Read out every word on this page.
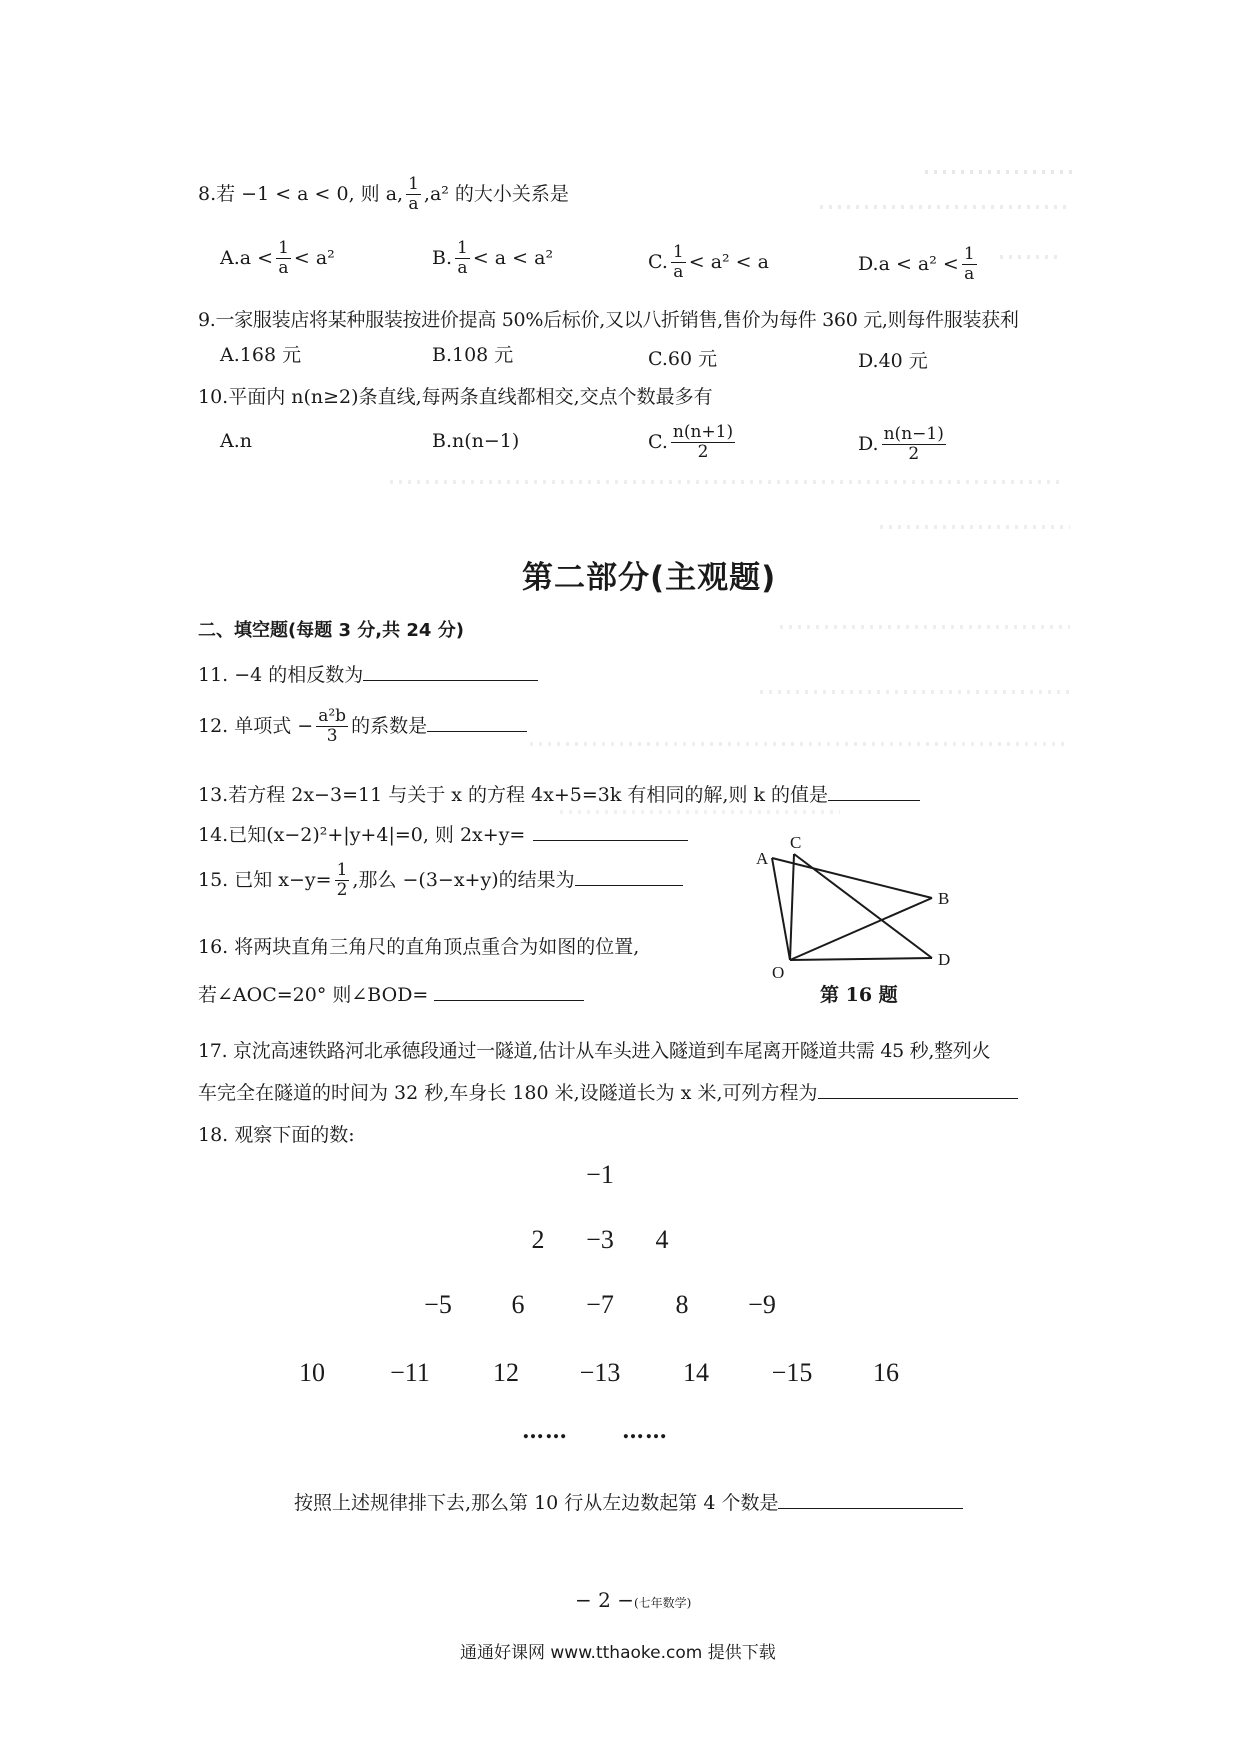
8.若 −1 < a < 0, 则 a, $\frac{1}{a} ,a^2$ 的大小关系是
$A.a < \frac{1}{a} < a^2$	B. $\frac{1}{a} < a < a^2$	C. $\frac{1}{a} < a^2 < a$	$D.a < a^2 < \frac{1}{a}$
9.一家服装店将某种服装按进价提高 50%后标价,又以八折销售,售价为每件 360 元,则每件服装获利
A.168 元	B.108 元	C.60 元	D.40 元
10.平面内 n(n≥2)条直线,每两条直线都相交,交点个数最多有
A.n	B.n(n−1)	C. $\frac{n(n+1)}{2}$	D. $\frac{n(n-1)}{2}$
第二部分(主观题)
二、填空题(每题 3 分,共 24 分)
11. −4 的相反数为
12. 单项式 − $\frac{\text{a²b}}{3}$ 的系数是
13.若方程 2x−3=11 与关于 x 的方程 4x+5=3k 有相同的解,则 k 的值是
14.已知(x−2)²+|y+4|=0, 则 2x+y=
15. 已知 $x-y= \frac{1}{2}$ ,那么 −(3−x+y)的结果为
16. 将两块直角三角尺的直角顶点重合为如图的位置,
若∠AOC=20° 则∠BOD=
A
C
B
O
D
第 16 题
17. 京沈高速铁路河北承德段通过一隧道,估计从车头进入隧道到车尾离开隧道共需 45 秒,整列火
车完全在隧道的时间为 32 秒,车身长 180 米,设隧道长为 x 米,可列方程为
18. 观察下面的数:
−1
2	−3	4
−5	6	−7	8	−9
10	−11	12	−13	14	−15	16
…… ……
按照上述规律排下去,那么第 10 行从左边数起第 4 个数是
− 2 −(七年数学)
通通好课网 www.tthaoke.com 提供下载
